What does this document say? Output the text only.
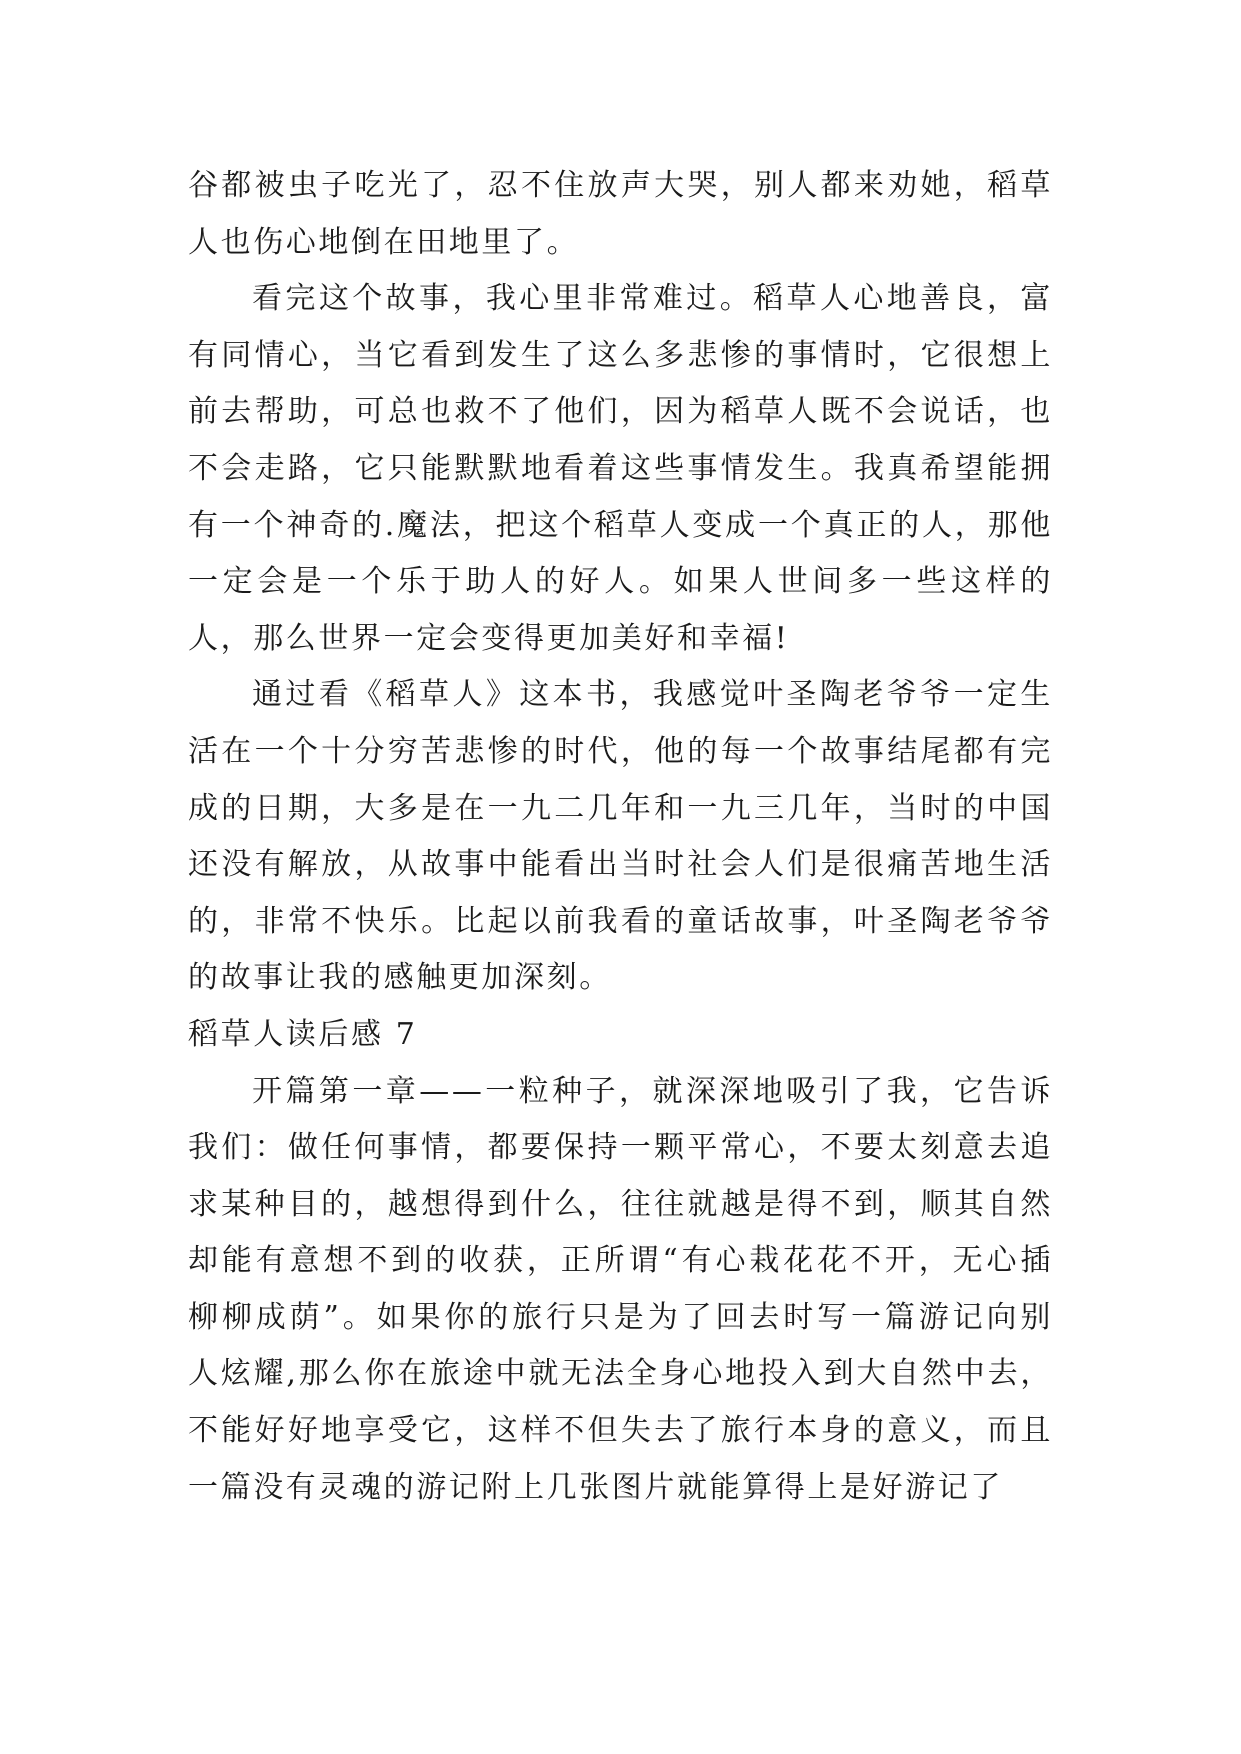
谷都被虫子吃光了，忍不住放声大哭，别人都来劝她，稻草人也伤心地倒在田地里了。

看完这个故事，我心里非常难过。稻草人心地善良，富有同情心，当它看到发生了这么多悲惨的事情时，它很想上前去帮助，可总也救不了他们，因为稻草人既不会说话，也不会走路，它只能默默地看着这些事情发生。我真希望能拥有一个神奇的.魔法，把这个稻草人变成一个真正的人，那他一定会是一个乐于助人的好人。如果人世间多一些这样的人，那么世界一定会变得更加美好和幸福!

通过看《稻草人》这本书，我感觉叶圣陶老爷爷一定生活在一个十分穷苦悲惨的时代，他的每一个故事结尾都有完成的日期，大多是在一九二几年和一九三几年，当时的中国还没有解放，从故事中能看出当时社会人们是很痛苦地生活的，非常不快乐。比起以前我看的童话故事，叶圣陶老爷爷的故事让我的感触更加深刻。

稻草人读后感 7

开篇第一章——一粒种子，就深深地吸引了我，它告诉我们：做任何事情，都要保持一颗平常心，不要太刻意去追求某种目的，越想得到什么，往往就越是得不到，顺其自然却能有意想不到的收获，正所谓“有心栽花花不开，无心插柳柳成荫”。如果你的旅行只是为了回去时写一篇游记向别人炫耀,那么你在旅途中就无法全身心地投入到大自然中去，不能好好地享受它，这样不但失去了旅行本身的意义，而且一篇没有灵魂的游记附上几张图片就能算得上是好游记了
